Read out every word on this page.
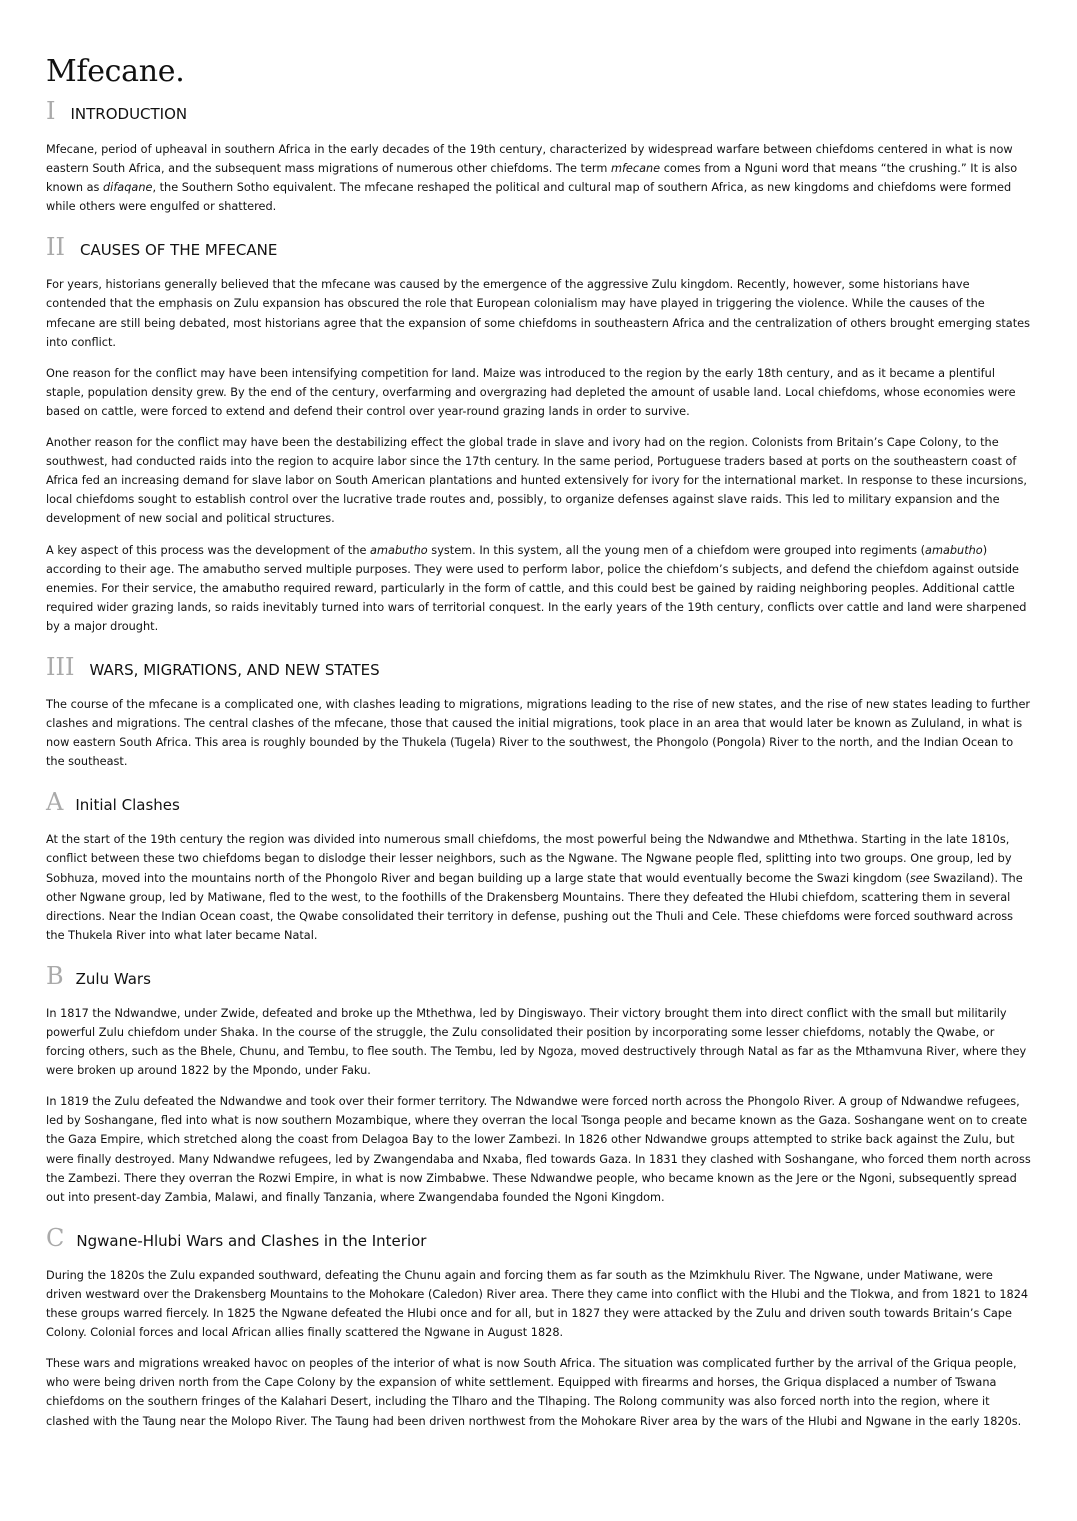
Mfecane.
I INTRODUCTION

Mfecane, period of upheaval in southern Africa in the early decades of the 19th century, characterized by widespread warfare between chiefdoms centered in what is now eastern South Africa, and the subsequent mass migrations of numerous other chiefdoms. The term mfecane comes from a Nguni word that means “the crushing.” It is also known as difaqane, the Southern Sotho equivalent. The mfecane reshaped the political and cultural map of southern Africa, as new kingdoms and chiefdoms were formed while others were engulfed or shattered.

II CAUSES OF THE MFECANE

For years, historians generally believed that the mfecane was caused by the emergence of the aggressive Zulu kingdom. Recently, however, some historians have contended that the emphasis on Zulu expansion has obscured the role that European colonialism may have played in triggering the violence. While the causes of the mfecane are still being debated, most historians agree that the expansion of some chiefdoms in southeastern Africa and the centralization of others brought emerging states into conflict.

One reason for the conflict may have been intensifying competition for land. Maize was introduced to the region by the early 18th century, and as it became a plentiful staple, population density grew. By the end of the century, overfarming and overgrazing had depleted the amount of usable land. Local chiefdoms, whose economies were based on cattle, were forced to extend and defend their control over year-round grazing lands in order to survive.

Another reason for the conflict may have been the destabilizing effect the global trade in slave and ivory had on the region. Colonists from Britain’s Cape Colony, to the southwest, had conducted raids into the region to acquire labor since the 17th century. In the same period, Portuguese traders based at ports on the southeastern coast of Africa fed an increasing demand for slave labor on South American plantations and hunted extensively for ivory for the international market. In response to these incursions, local chiefdoms sought to establish control over the lucrative trade routes and, possibly, to organize defenses against slave raids. This led to military expansion and the development of new social and political structures.

A key aspect of this process was the development of the amabutho system. In this system, all the young men of a chiefdom were grouped into regiments (amabutho) according to their age. The amabutho served multiple purposes. They were used to perform labor, police the chiefdom’s subjects, and defend the chiefdom against outside enemies. For their service, the amabutho required reward, particularly in the form of cattle, and this could best be gained by raiding neighboring peoples. Additional cattle required wider grazing lands, so raids inevitably turned into wars of territorial conquest. In the early years of the 19th century, conflicts over cattle and land were sharpened by a major drought.

III WARS, MIGRATIONS, AND NEW STATES

The course of the mfecane is a complicated one, with clashes leading to migrations, migrations leading to the rise of new states, and the rise of new states leading to further clashes and migrations. The central clashes of the mfecane, those that caused the initial migrations, took place in an area that would later be known as Zululand, in what is now eastern South Africa. This area is roughly bounded by the Thukela (Tugela) River to the southwest, the Phongolo (Pongola) River to the north, and the Indian Ocean to the southeast.

A Initial Clashes

At the start of the 19th century the region was divided into numerous small chiefdoms, the most powerful being the Ndwandwe and Mthethwa. Starting in the late 1810s, conflict between these two chiefdoms began to dislodge their lesser neighbors, such as the Ngwane. The Ngwane people fled, splitting into two groups. One group, led by Sobhuza, moved into the mountains north of the Phongolo River and began building up a large state that would eventually become the Swazi kingdom (see Swaziland). The other Ngwane group, led by Matiwane, fled to the west, to the foothills of the Drakensberg Mountains. There they defeated the Hlubi chiefdom, scattering them in several directions. Near the Indian Ocean coast, the Qwabe consolidated their territory in defense, pushing out the Thuli and Cele. These chiefdoms were forced southward across the Thukela River into what later became Natal.

B Zulu Wars

In 1817 the Ndwandwe, under Zwide, defeated and broke up the Mthethwa, led by Dingiswayo. Their victory brought them into direct conflict with the small but militarily powerful Zulu chiefdom under Shaka. In the course of the struggle, the Zulu consolidated their position by incorporating some lesser chiefdoms, notably the Qwabe, or forcing others, such as the Bhele, Chunu, and Tembu, to flee south. The Tembu, led by Ngoza, moved destructively through Natal as far as the Mthamvuna River, where they were broken up around 1822 by the Mpondo, under Faku.

In 1819 the Zulu defeated the Ndwandwe and took over their former territory. The Ndwandwe were forced north across the Phongolo River. A group of Ndwandwe refugees, led by Soshangane, fled into what is now southern Mozambique, where they overran the local Tsonga people and became known as the Gaza. Soshangane went on to create the Gaza Empire, which stretched along the coast from Delagoa Bay to the lower Zambezi. In 1826 other Ndwandwe groups attempted to strike back against the Zulu, but were finally destroyed. Many Ndwandwe refugees, led by Zwangendaba and Nxaba, fled towards Gaza. In 1831 they clashed with Soshangane, who forced them north across the Zambezi. There they overran the Rozwi Empire, in what is now Zimbabwe. These Ndwandwe people, who became known as the Jere or the Ngoni, subsequently spread out into present-day Zambia, Malawi, and finally Tanzania, where Zwangendaba founded the Ngoni Kingdom.

C Ngwane-Hlubi Wars and Clashes in the Interior

During the 1820s the Zulu expanded southward, defeating the Chunu again and forcing them as far south as the Mzimkhulu River. The Ngwane, under Matiwane, were driven westward over the Drakensberg Mountains to the Mohokare (Caledon) River area. There they came into conflict with the Hlubi and the Tlokwa, and from 1821 to 1824 these groups warred fiercely. In 1825 the Ngwane defeated the Hlubi once and for all, but in 1827 they were attacked by the Zulu and driven south towards Britain’s Cape Colony. Colonial forces and local African allies finally scattered the Ngwane in August 1828.

These wars and migrations wreaked havoc on peoples of the interior of what is now South Africa. The situation was complicated further by the arrival of the Griqua people, who were being driven north from the Cape Colony by the expansion of white settlement. Equipped with firearms and horses, the Griqua displaced a number of Tswana chiefdoms on the southern fringes of the Kalahari Desert, including the Tlharo and the Tlhaping. The Rolong community was also forced north into the region, where it clashed with the Taung near the Molopo River. The Taung had been driven northwest from the Mohokare River area by the wars of the Hlubi and Ngwane in the early 1820s.
